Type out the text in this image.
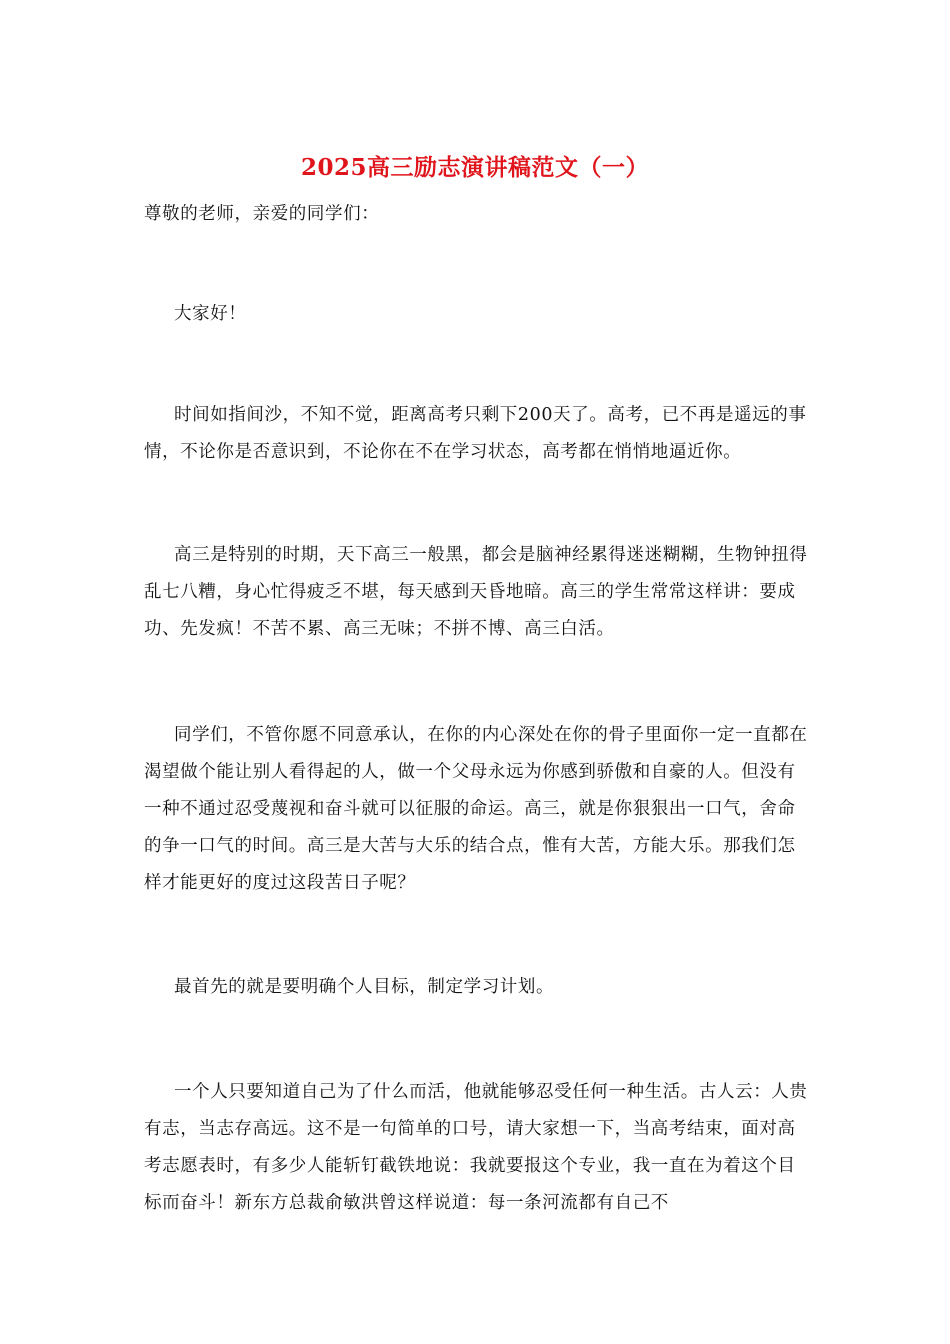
2025高三励志演讲稿范文（一）

尊敬的老师，亲爱的同学们：

大家好！

时间如指间沙，不知不觉，距离高考只剩下200天了。高考，已不再是遥远的事情，不论你是否意识到，不论你在不在学习状态，高考都在悄悄地逼近你。

高三是特别的时期，天下高三一般黑，都会是脑神经累得迷迷糊糊，生物钟扭得乱七八糟，身心忙得疲乏不堪，每天感到天昏地暗。高三的学生常常这样讲：要成功、先发疯！不苦不累、高三无味；不拼不博、高三白活。

同学们，不管你愿不同意承认，在你的内心深处在你的骨子里面你一定一直都在渴望做个能让别人看得起的人，做一个父母永远为你感到骄傲和自豪的人。但没有一种不通过忍受蔑视和奋斗就可以征服的命运。高三，就是你狠狠出一口气，舍命的争一口气的时间。高三是大苦与大乐的结合点，惟有大苦，方能大乐。那我们怎样才能更好的度过这段苦日子呢？

最首先的就是要明确个人目标，制定学习计划。

一个人只要知道自己为了什么而活，他就能够忍受任何一种生活。古人云：人贵有志，当志存高远。这不是一句简单的口号，请大家想一下，当高考结束，面对高考志愿表时，有多少人能斩钉截铁地说：我就要报这个专业，我一直在为着这个目标而奋斗！新东方总裁俞敏洪曾这样说道：每一条河流都有自己不
